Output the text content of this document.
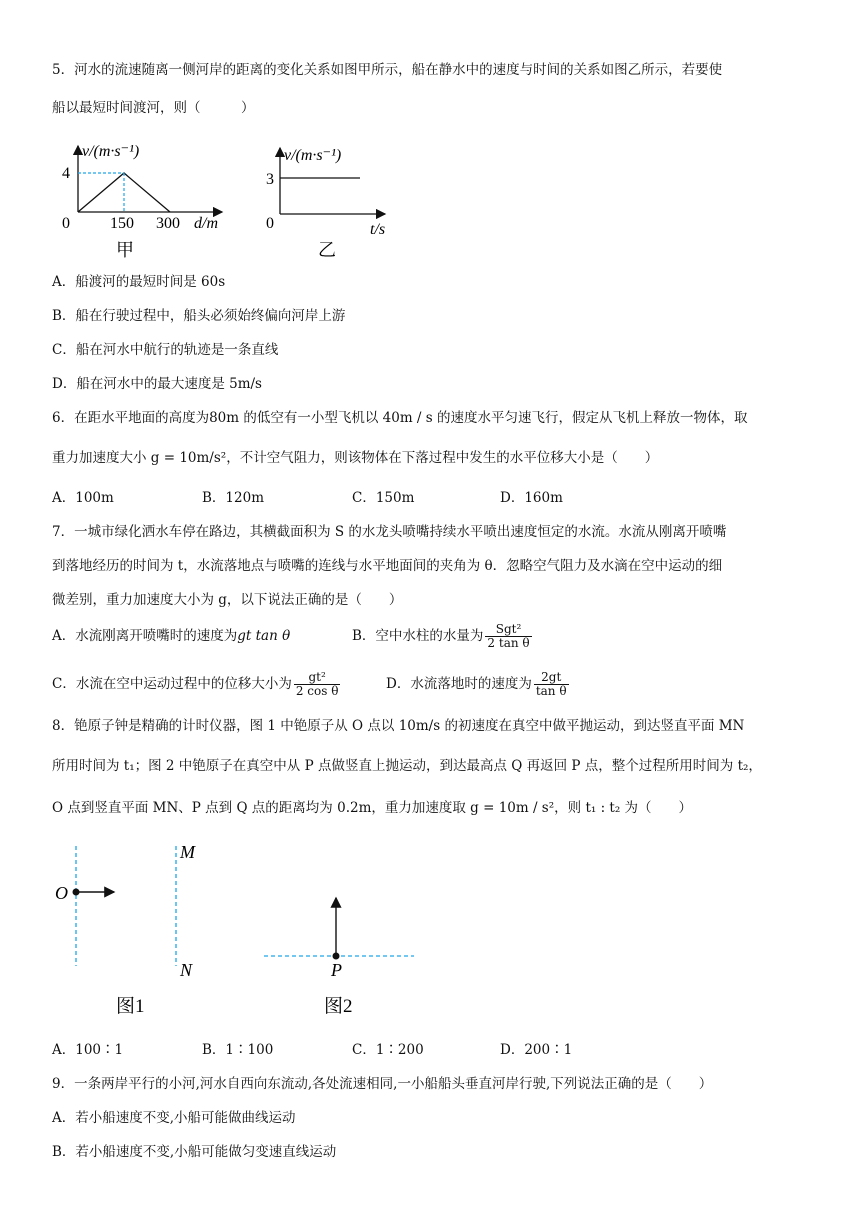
5．河水的流速随离一侧河岸的距离的变化关系如图甲所示，船在静水中的速度与时间的关系如图乙所示，若要使
船以最短时间渡河，则（　　　）
v/(m·s⁻¹)
4
0	150 300 d/m
甲
v/(m·s⁻¹)
3
0	t/s
乙
A．船渡河的最短时间是 60s
B．船在行驶过程中，船头必须始终偏向河岸上游
C．船在河水中航行的轨迹是一条直线
D．船在河水中的最大速度是 5m/s
6．在距水平地面的高度为80m 的低空有一小型飞机以 40m / s 的速度水平匀速飞行，假定从飞机上释放一物体，取
重力加速度大小 g = 10m/s²，不计空气阻力，则该物体在下落过程中发生的水平位移大小是（　　）
A．100m	B．120m	C．150m	D．160m
7．一城市绿化洒水车停在路边，其横截面积为 S 的水龙头喷嘴持续水平喷出速度恒定的水流。水流从刚离开喷嘴
到落地经历的时间为 t，水流落地点与喷嘴的连线与水平地面间的夹角为 θ．忽略空气阻力及水滴在空中运动的细
微差别，重力加速度大小为 g，以下说法正确的是（　　）
A．水流刚离开喷嘴时的速度为gt tan θ	B．空中水柱的水量为 $\frac{\text{Sgt²}}{\text{2 tan θ}}$
C．水流在空中运动过程中的位移大小为 $\frac{\text{gt²}}{\text{2 cos θ}}$	D．水流落地时的速度为 $\frac{2gt}{\text{tan θ}}$
8．铯原子钟是精确的计时仪器，图 1 中铯原子从 O 点以 10m/s 的初速度在真空中做平抛运动，到达竖直平面 MN
所用时间为 t₁；图 2 中铯原子在真空中从 P 点做竖直上抛运动，到达最高点 Q 再返回 P 点，整个过程所用时间为 t₂，
O 点到竖直平面 MN、P 点到 Q 点的距离均为 0.2m，重力加速度取 g = 10m / s²，则 t₁ : t₂ 为（　　）
O
M
N
图1
P
图2
A．100∶1	B．1∶100	C．1∶200	D．200∶1
9．一条两岸平行的小河,河水自西向东流动,各处流速相同,一小船船头垂直河岸行驶,下列说法正确的是（　　）
A．若小船速度不变,小船可能做曲线运动
B．若小船速度不变,小船可能做匀变速直线运动
